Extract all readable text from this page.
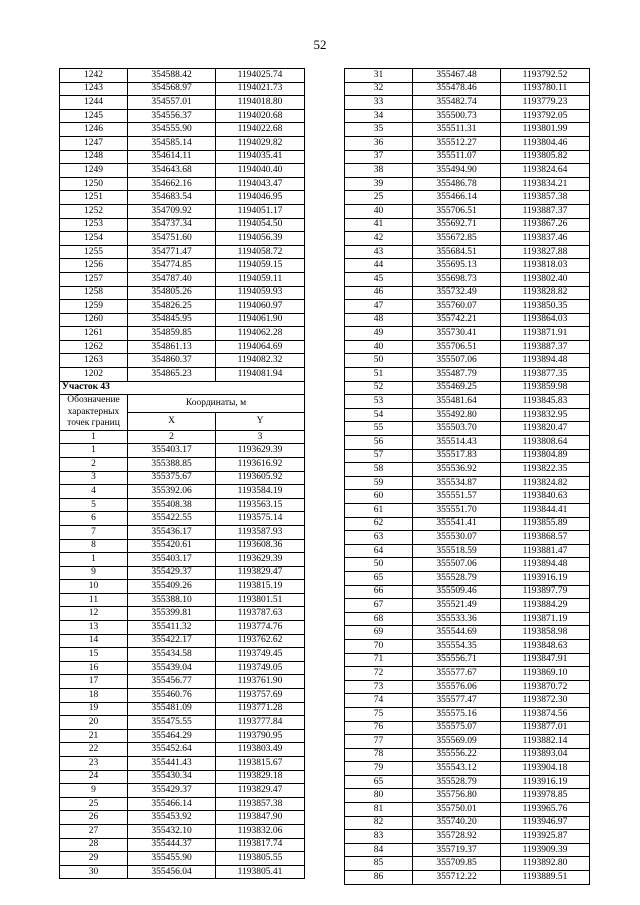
52
1242	354588.42	1194025.74
1243	354568.97	1194021.73
1244	354557.01	1194018.80
1245	354556.37	1194020.68
1246	354555.90	1194022.68
1247	354585.14	1194029.82
1248	354614.11	1194035.41
1249	354643.68	1194040.40
1250	354662.16	1194043.47
1251	354683.54	1194046.95
1252	354709.92	1194051.17
1253	354737.34	1194054.50
1254	354751.60	1194056.39
1255	354771.47	1194058.72
1256	354774.85	1194059.15
1257	354787.40	1194059.11
1258	354805.26	1194059.93
1259	354826.25	1194060.97
1260	354845.95	1194061.90
1261	354859.85	1194062.28
1262	354861.13	1194064.69
1263	354860.37	1194082.32
1202	354865.23	1194081.94
Участок 43		
Обозначение характерных точек границ	Координаты, м	
	X	Y
1	2	3
1	355403.17	1193629.39
2	355388.85	1193616.92
3	355375.67	1193605.92
4	355392.06	1193584.19
5	355408.38	1193563.15
6	355422.55	1193575.14
7	355436.17	1193587.93
8	355420.61	1193608.36
1	355403.17	1193629.39
9	355429.37	1193829.47
10	355409.26	1193815.19
11	355388.10	1193801.51
12	355399.81	1193787.63
13	355411.32	1193774.76
14	355422.17	1193762.62
15	355434.58	1193749.45
16	355439.04	1193749.05
17	355456.77	1193761.90
18	355460.76	1193757.69
19	355481.09	1193771.28
20	355475.55	1193777.84
21	355464.29	1193790.95
22	355452.64	1193803.49
23	355441.43	1193815.67
24	355430.34	1193829.18
9	355429.37	1193829.47
25	355466.14	1193857.38
26	355453.92	1193847.90
27	355432.10	1193832.06
28	355444.37	1193817.74
29	355455.90	1193805.55
30	355456.04	1193805.41
31	355467.48	1193792.52
32	355478.46	1193780.11
33	355482.74	1193779.23
34	355500.73	1193792.05
35	355511.31	1193801.99
36	355512.27	1193804.46
37	355511.07	1193805.82
38	355494.90	1193824.64
39	355486.78	1193834.21
25	355466.14	1193857.38
40	355706.51	1193887.37
41	355692.71	1193867.26
42	355672.85	1193837.46
43	355684.51	1193827.88
44	355695.13	1193818.03
45	355698.73	1193802.40
46	355732.49	1193828.82
47	355760.07	1193850.35
48	355742.21	1193864.03
49	355730.41	1193871.91
40	355706.51	1193887.37
50	355507.06	1193894.48
51	355487.79	1193877.35
52	355469.25	1193859.98
53	355481.64	1193845.83
54	355492.80	1193832.95
55	355503.70	1193820.47
56	355514.43	1193808.64
57	355517.83	1193804.89
58	355536.92	1193822.35
59	355534.87	1193824.82
60	355551.57	1193840.63
61	355551.70	1193844.41
62	355541.41	1193855.89
63	355530.07	1193868.57
64	355518.59	1193881.47
50	355507.06	1193894.48
65	355528.79	1193916.19
66	355509.46	1193897.79
67	355521.49	1193884.29
68	355533.36	1193871.19
69	355544.69	1193858.98
70	355554.35	1193848.63
71	355556.71	1193847.91
72	355577.67	1193869.10
73	355576.06	1193870.72
74	355577.47	1193872.30
75	355575.16	1193874.56
76	355575.07	1193877.01
77	355569.09	1193882.14
78	355556.22	1193893.04
79	355543.12	1193904.18
65	355528.79	1193916.19
80	355756.80	1193978.85
81	355750.01	1193965.76
82	355740.20	1193946.97
83	355728.92	1193925.87
84	355719.37	1193909.39
85	355709.85	1193892.80
86	355712.22	1193889.51
